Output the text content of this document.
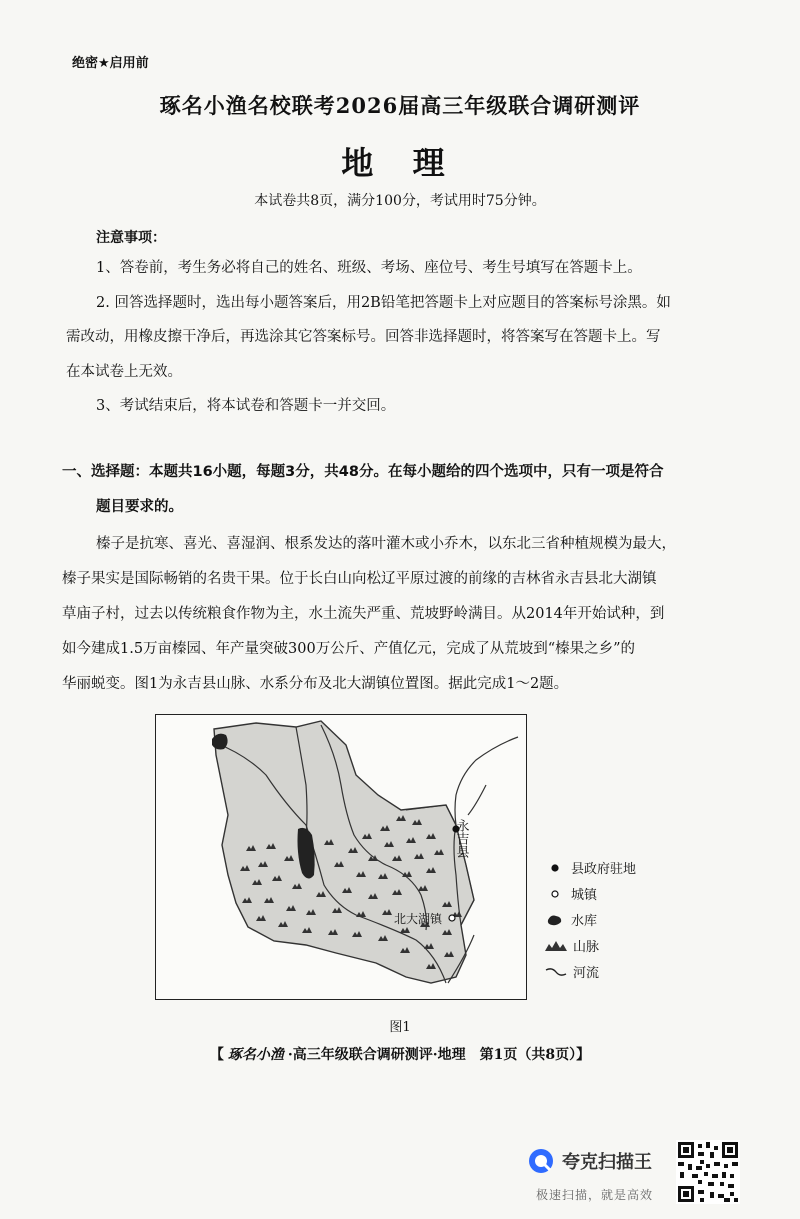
绝密★启用前
琢名小渔名校联考2026届高三年级联合调研测评
地 理
本试卷共8页，满分100分，考试用时75分钟。
注意事项：
1、答卷前，考生务必将自己的姓名、班级、考场、座位号、考生号填写在答题卡上。
2. 回答选择题时，选出每小题答案后，用2B铅笔把答题卡上对应题目的答案标号涂黑。如
需改动，用橡皮擦干净后，再选涂其它答案标号。回答非选择题时，将答案写在答题卡上。写
在本试卷上无效。
3、考试结束后，将本试卷和答题卡一并交回。
一、选择题：本题共16小题，每题3分，共48分。在每小题给的四个选项中，只有一项是符合
题目要求的。
榛子是抗寒、喜光、喜湿润、根系发达的落叶灌木或小乔木，以东北三省种植规模为最大，
榛子果实是国际畅销的名贵干果。位于长白山向松辽平原过渡的前缘的吉林省永吉县北大湖镇
草庙子村，过去以传统粮食作物为主，水土流失严重、荒坡野岭满目。从2014年开始试种，到
如今建成1.5万亩榛园、年产量突破300万公斤、产值亿元，完成了从荒坡到“榛果之乡”的
华丽蜕变。图1为永吉县山脉、水系分布及北大湖镇位置图。据此完成1～2题。
永吉县
北大湖镇
县政府驻地
城镇
水库
山脉
河流
图1
【 琢名小渔 ·高三年级联合调研测评·地理　第1页（共8页）】
夸克扫描王
极速扫描，就是高效
